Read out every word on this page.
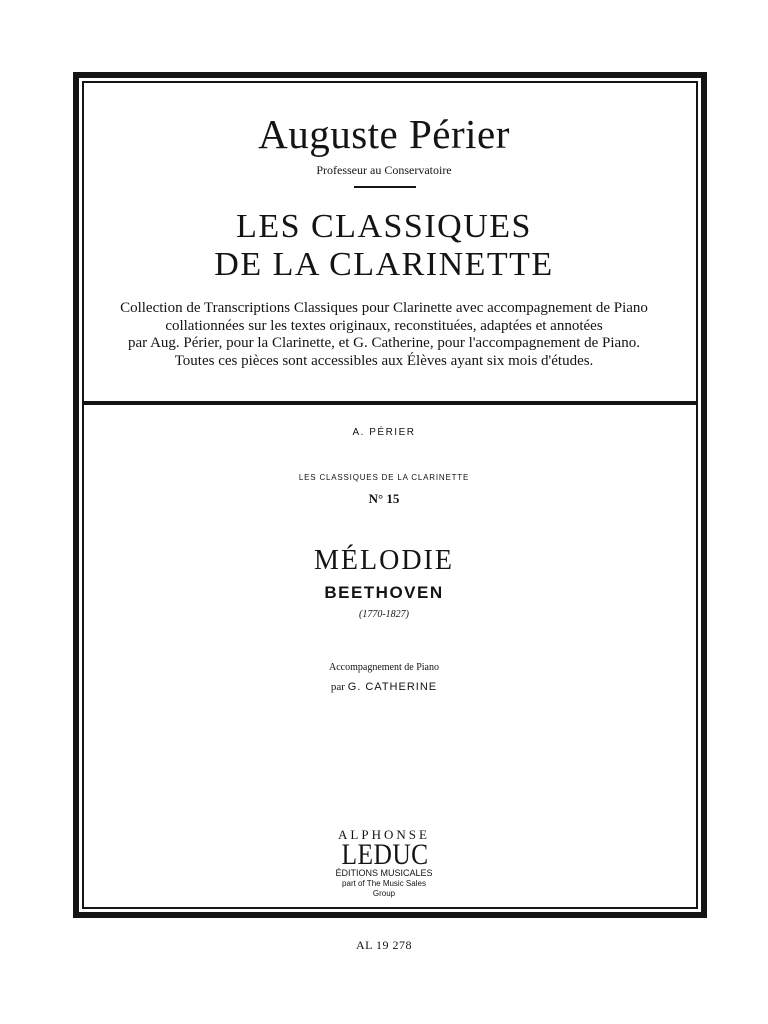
Auguste Périer
Professeur au Conservatoire
LES CLASSIQUES
DE LA CLARINETTE
Collection de Transcriptions Classiques pour Clarinette avec accompagnement de Piano
collationnées sur les textes originaux, reconstituées, adaptées et annotées
par Aug. Périer, pour la Clarinette, et G. Catherine, pour l'accompagnement de Piano.
Toutes ces pièces sont accessibles aux Élèves ayant six mois d'études.
A. PÉRIER
LES CLASSIQUES DE LA CLARINETTE
N° 15
MÉLODIE
BEETHOVEN
(1770-1827)
Accompagnement de Piano
par G. CATHERINE
ALPHONSE
LEDUC
ÉDITIONS MUSICALES
part of The Music Sales Group
AL 19 278
